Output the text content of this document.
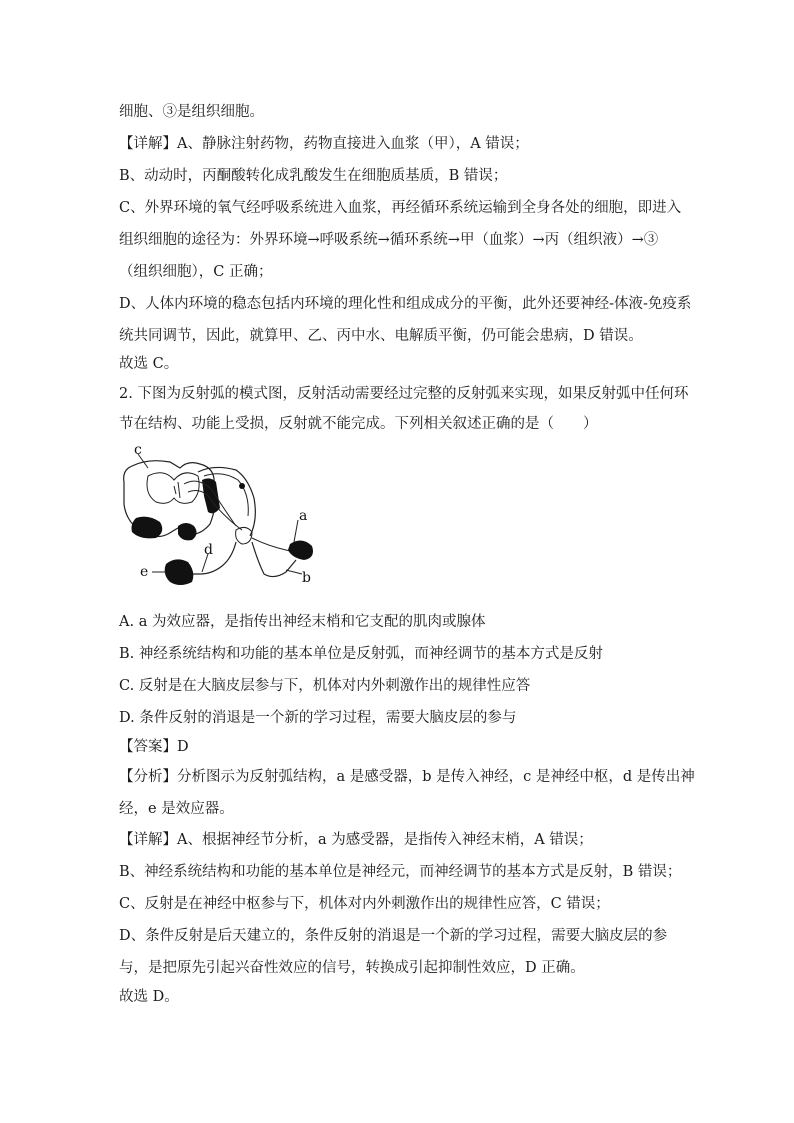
细胞、③是组织细胞。
【详解】A、静脉注射药物，药物直接进入血浆（甲），A 错误；
B、动动时，丙酮酸转化成乳酸发生在细胞质基质，B 错误；
C、外界环境的氧气经呼吸系统进入血浆，再经循环系统运输到全身各处的细胞，即进入
组织细胞的途径为：外界环境→呼吸系统→循环系统→甲（血浆）→丙（组织液）→③
（组织细胞），C 正确；
D、人体内环境的稳态包括内环境的理化性和组成成分的平衡，此外还要神经-体液-免疫系
统共同调节，因此，就算甲、乙、丙中水、电解质平衡，仍可能会患病，D 错误。
故选 C。
2. 下图为反射弧的模式图，反射活动需要经过完整的反射弧来实现，如果反射弧中任何环
节在结构、功能上受损，反射就不能完成。下列相关叙述正确的是（　　）
c
a
b
d
e
A. a 为效应器，是指传出神经末梢和它支配的肌肉或腺体
B. 神经系统结构和功能的基本单位是反射弧，而神经调节的基本方式是反射
C. 反射是在大脑皮层参与下，机体对内外刺激作出的规律性应答
D. 条件反射的消退是一个新的学习过程，需要大脑皮层的参与
【答案】D
【分析】分析图示为反射弧结构，a 是感受器，b 是传入神经，c 是神经中枢，d 是传出神
经，e 是效应器。
【详解】A、根据神经节分析，a 为感受器，是指传入神经末梢，A 错误；
B、神经系统结构和功能的基本单位是神经元，而神经调节的基本方式是反射，B 错误；
C、反射是在神经中枢参与下，机体对内外刺激作出的规律性应答，C 错误；
D、条件反射是后天建立的，条件反射的消退是一个新的学习过程，需要大脑皮层的参
与，是把原先引起兴奋性效应的信号，转换成引起抑制性效应，D 正确。
故选 D。
